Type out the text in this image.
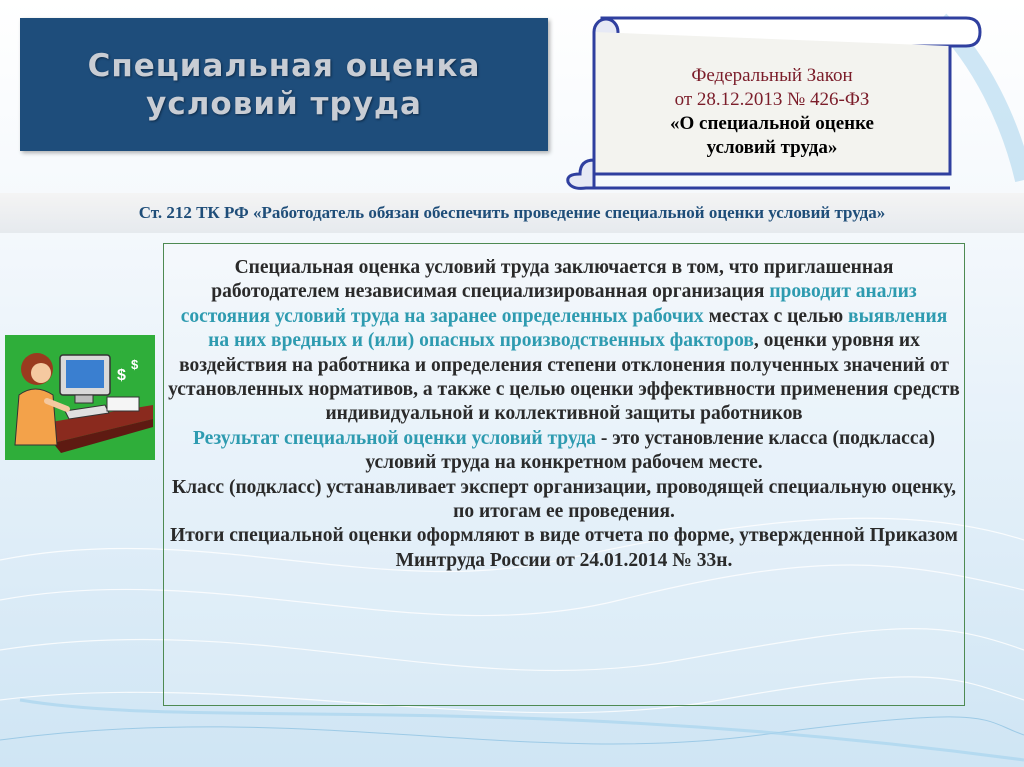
Специальная оценка
условий труда
Федеральный Закон
от 28.12.2013 № 426-ФЗ
«О специальной оценке
условий труда»
Ст. 212 ТК РФ «Работодатель обязан обеспечить проведение специальной оценки условий труда»
$
$
Специальная оценка условий труда заключается в том, что приглашенная работодателем независимая специализированная организация проводит анализ состояния условий труда на заранее определенных рабочих местах с целью выявления на них вредных и (или) опасных производственных факторов, оценки уровня их воздействия на работника и определения степени отклонения полученных значений от установленных нормативов, а также с целью оценки эффективности применения средств индивидуальной и коллективной защиты работников
Результат специальной оценки условий труда - это установление класса (подкласса) условий труда на конкретном рабочем месте.
Класс (подкласс) устанавливает эксперт организации, проводящей специальную оценку, по итогам ее проведения.
Итоги специальной оценки оформляют в виде отчета по форме, утвержденной Приказом Минтруда России от 24.01.2014 № 33н.
